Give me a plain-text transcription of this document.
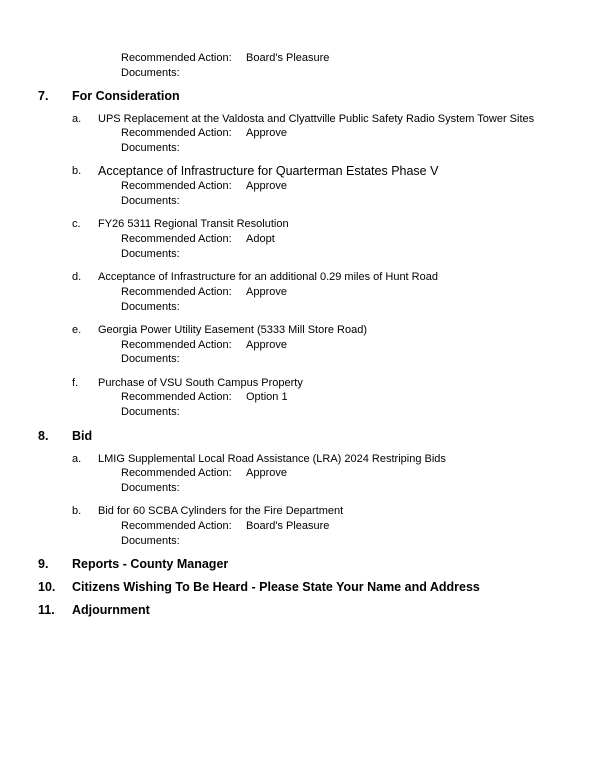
Recommended Action: Board's Pleasure
Documents:
7. For Consideration
a. UPS Replacement at the Valdosta and Clyattville Public Safety Radio System Tower Sites
Recommended Action: Approve
Documents:
b. Acceptance of Infrastructure for Quarterman Estates Phase V
Recommended Action: Approve
Documents:
c. FY26 5311 Regional Transit Resolution
Recommended Action: Adopt
Documents:
d. Acceptance of Infrastructure for an additional 0.29 miles of Hunt Road
Recommended Action: Approve
Documents:
e. Georgia Power Utility Easement (5333 Mill Store Road)
Recommended Action: Approve
Documents:
f. Purchase of VSU South Campus Property
Recommended Action: Option 1
Documents:
8. Bid
a. LMIG Supplemental Local Road Assistance (LRA) 2024 Restriping Bids
Recommended Action: Approve
Documents:
b. Bid for 60 SCBA Cylinders for the Fire Department
Recommended Action: Board's Pleasure
Documents:
9. Reports - County Manager
10. Citizens Wishing To Be Heard - Please State Your Name and Address
11. Adjournment
